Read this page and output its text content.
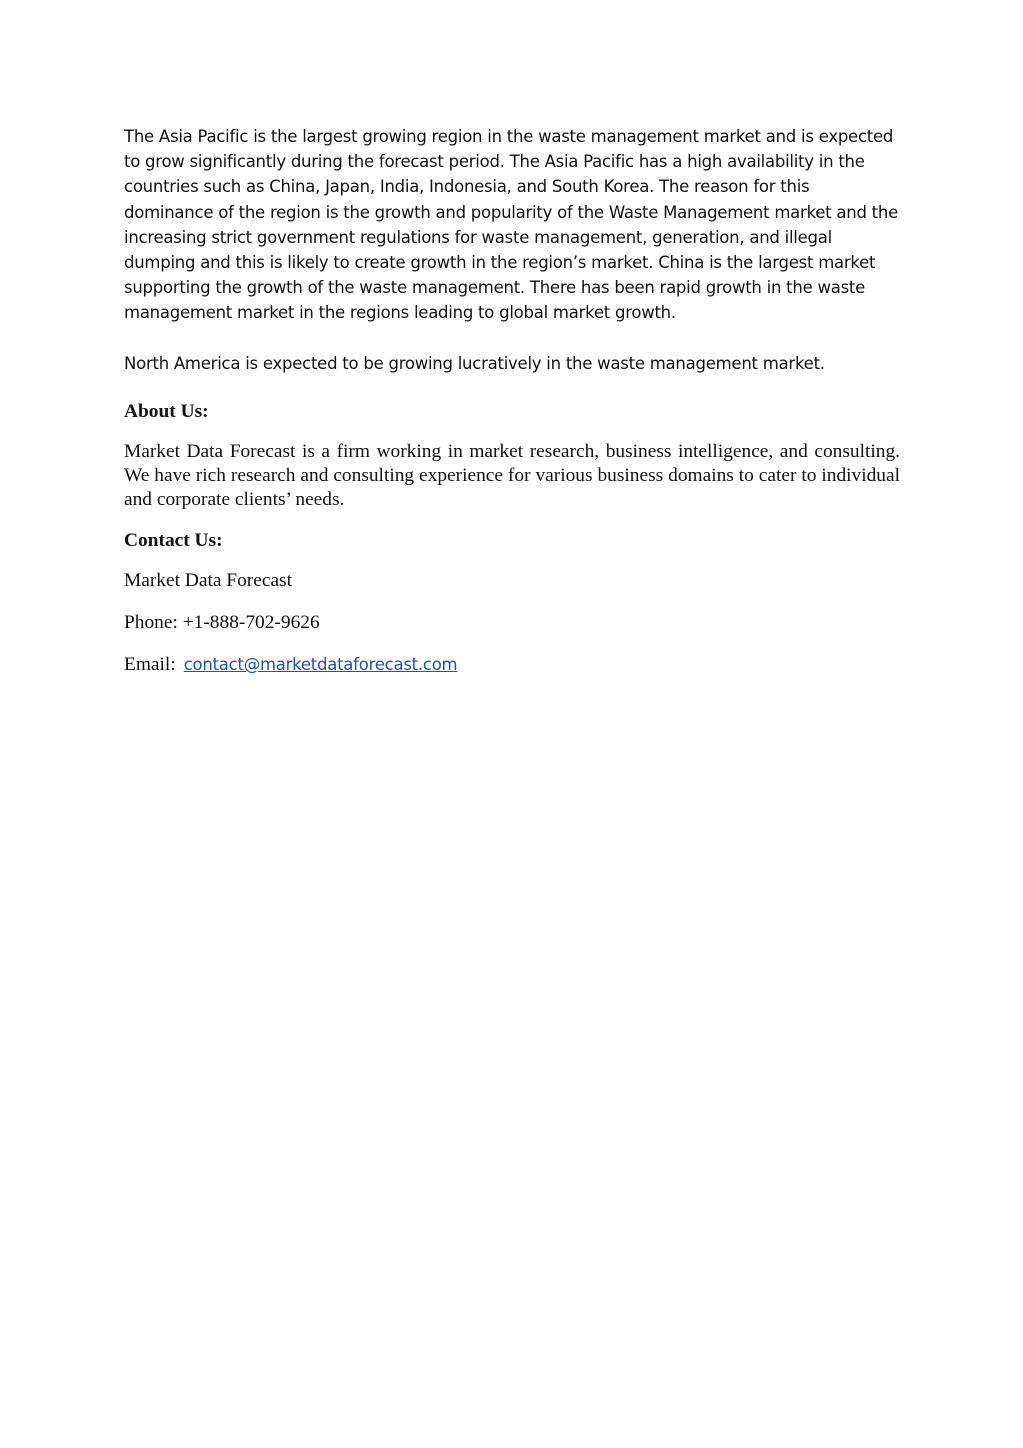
The Asia Pacific is the largest growing region in the waste management market and is expected to grow significantly during the forecast period. The Asia Pacific has a high availability in the countries such as China, Japan, India, Indonesia, and South Korea. The reason for this dominance of the region is the growth and popularity of the Waste Management market and the increasing strict government regulations for waste management, generation, and illegal dumping and this is likely to create growth in the region’s market. China is the largest market supporting the growth of the waste management. There has been rapid growth in the waste management market in the regions leading to global market growth.

North America is expected to be growing lucratively in the waste management market.

About Us:

Market Data Forecast is a firm working in market research, business intelligence, and consulting. We have rich research and consulting experience for various business domains to cater to individual and corporate clients’ needs.

Contact Us:

Market Data Forecast

Phone: +1-888-702-9626

Email: contact@marketdataforecast.com
